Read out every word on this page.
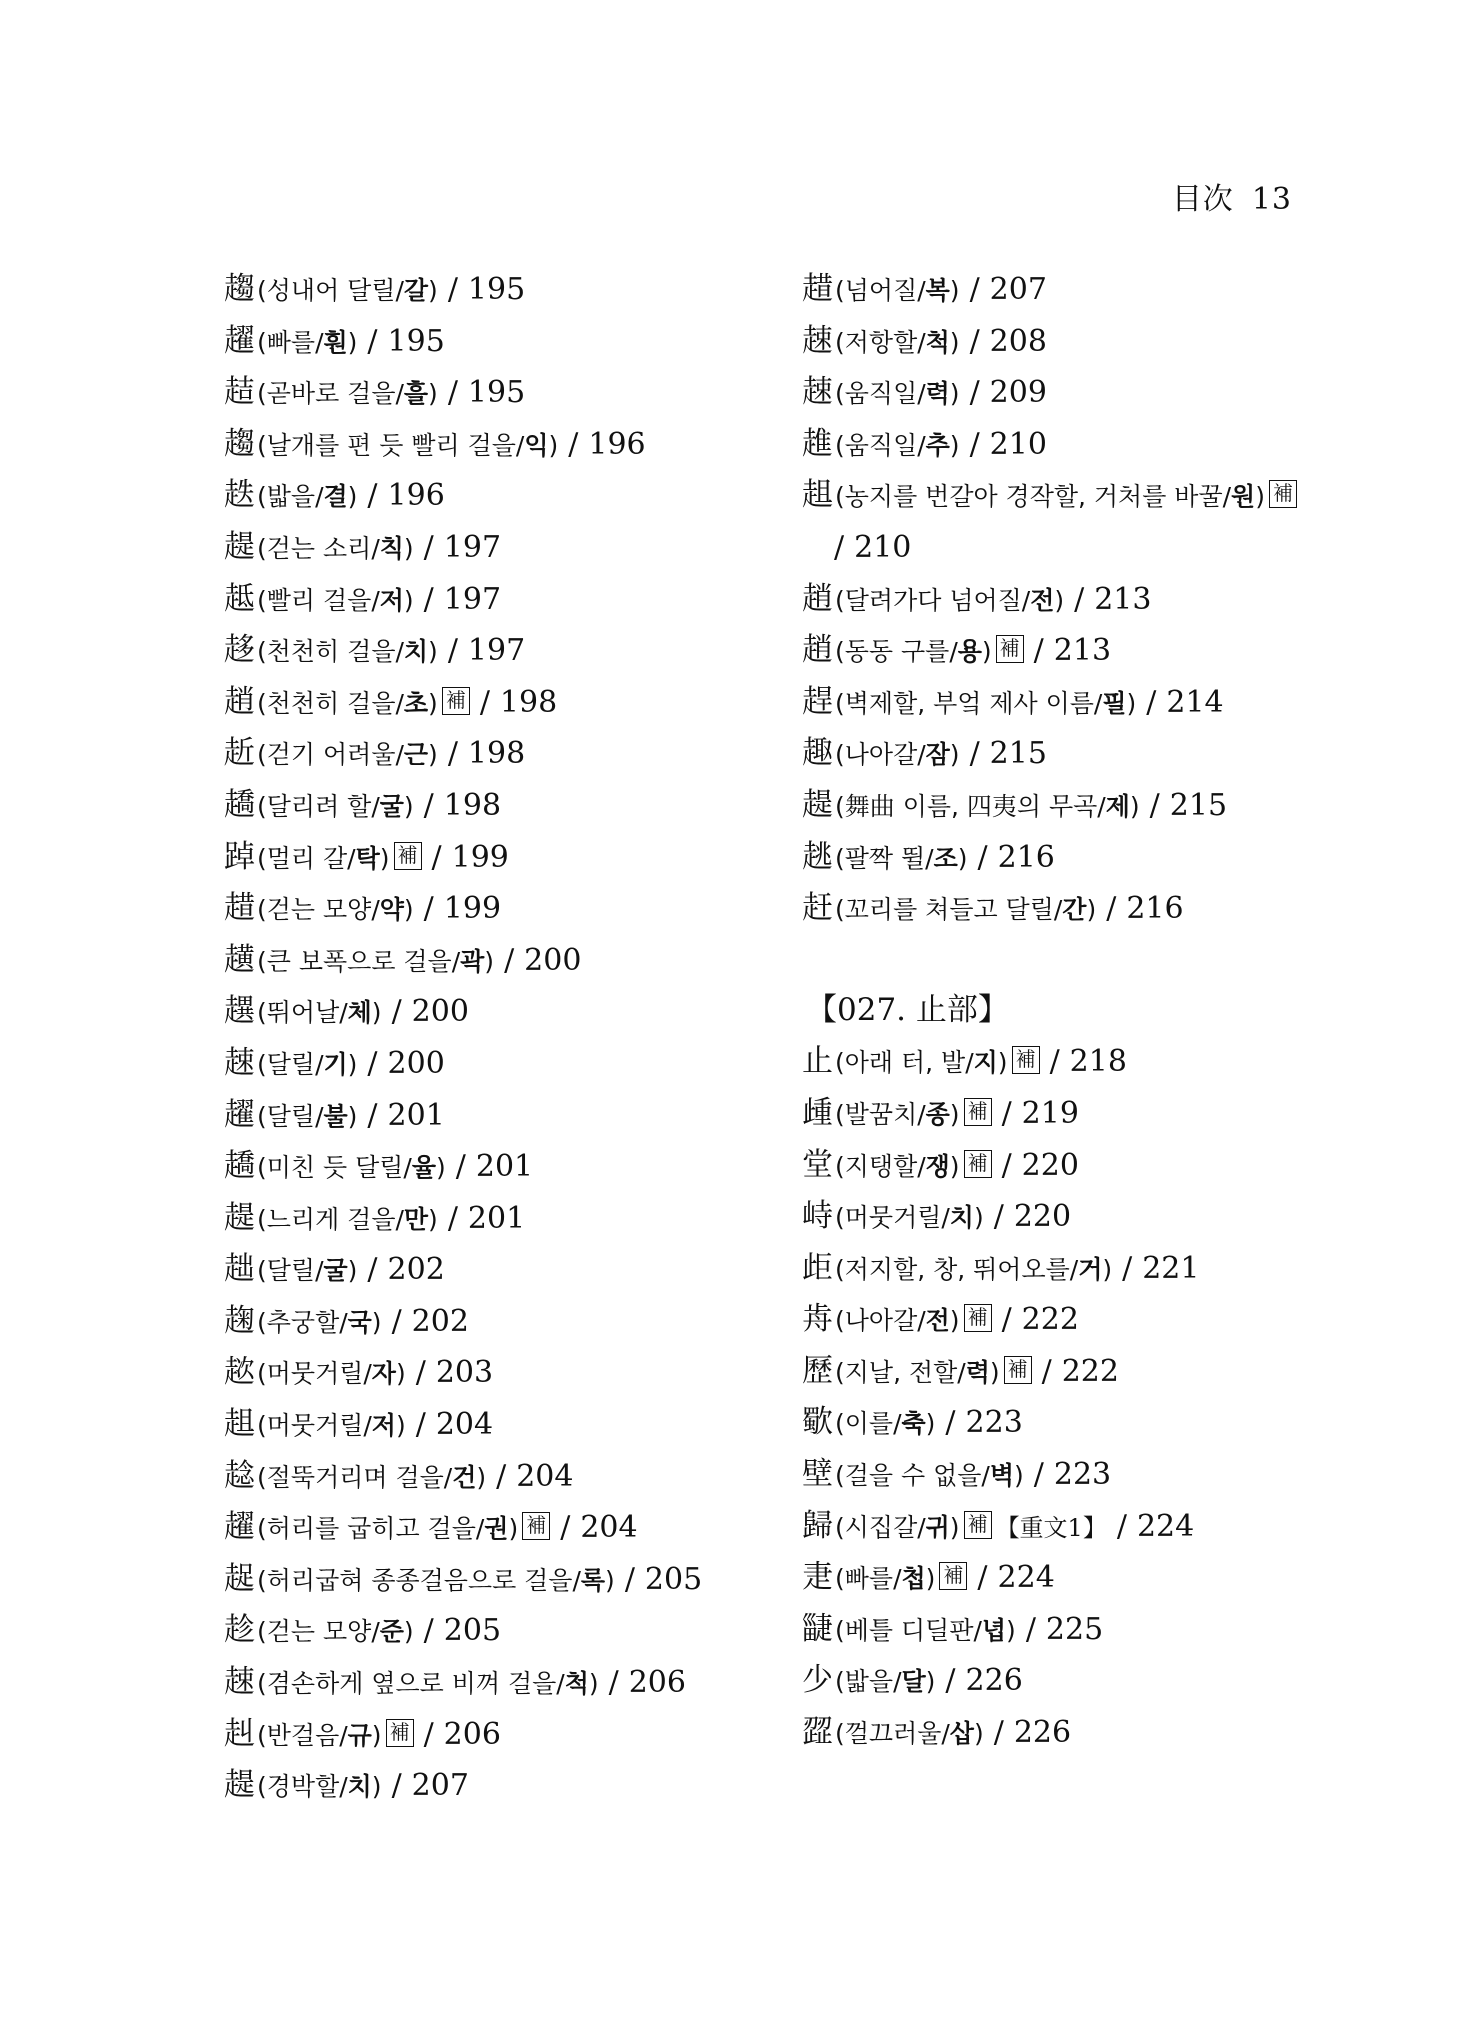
目次 13
趨(성내어 달릴/갈) / 195
趯(빠를/훤) / 195
趌(곧바로 걸을/흘) / 195
趨(날개를 편 듯 빨리 걸을/익) / 196
趃(밟을/결) / 196
趧(걷는 소리/칙) / 197
趆(빨리 걸을/저) / 197
趍(천천히 걸을/치) / 197
趙(천천히 걸을/초) 補 / 198
赾(걷기 어려울/근) / 198
趫(달리려 할/굴) / 198
踔(멀리 갈/탁) 補 / 199
趞(걷는 모양/약) / 199
趪(큰 보폭으로 걸을/곽) / 200
趩(뛰어날/체) / 200
趚(달릴/기) / 200
趯(달릴/불) / 201
趫(미친 듯 달릴/율) / 201
趧(느리게 걸을/만) / 201
趉(달릴/굴) / 202
趜(추궁할/국) / 202
趑(머뭇거릴/자) / 203
趄(머뭇거릴/저) / 204
趝(절뚝거리며 걸을/건) / 204
趯(허리를 굽히고 걸을/권) 補 / 204
趗(허리굽혀 종종걸음으로 걸을/록) / 205
趁(걷는 모양/준) / 205
趚(겸손하게 옆으로 비껴 걸을/척) / 206
赳(반걸음/규) 補 / 206
趧(경박할/치) / 207
趞(넘어질/복) / 207
趚(저항할/척) / 208
趚(움직일/력) / 209
趡(움직일/추) / 210
趄(농지를 번갈아 경작할, 거처를 바꿀/원) 補
/ 210
趙(달려가다 넘어질/전) / 213
趙(동동 구를/용) 補 / 213
趕(벽제할, 부엌 제사 이름/필) / 214
趣(나아갈/잠) / 215
趧(舞曲 이름, 四夷의 무곡/제) / 215
趒(팔짝 뛸/조) / 216
赶(꼬리를 쳐들고 달릴/간) / 216
【027. 止部】
止(아래 터, 발/지) 補 / 218
歱(발꿈치/종) 補 / 219
堂(지탱할/쟁) 補 / 220
峙(머뭇거릴/치) / 220
歫(저지할, 창, 뛰어오를/거) / 221
歬(나아갈/전) 補 / 222
歷(지날, 전할/력) 補 / 222
歜(이를/축) / 223
壁(걸을 수 없을/벽) / 223
歸(시집갈/귀) 補 【重文1】 / 224
疌(빠를/첩) 補 / 224
疀(베틀 디딜판/녑) / 225
少(밟을/달) / 226
歰(껄끄러울/삽) / 226
